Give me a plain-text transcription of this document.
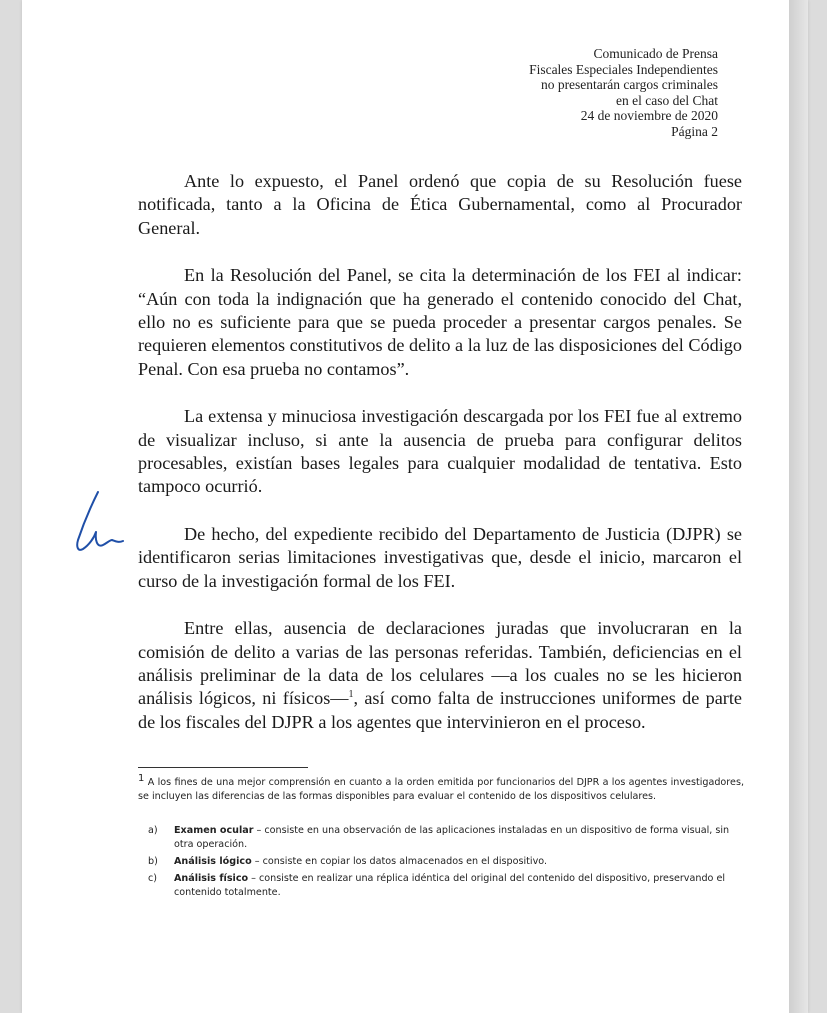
Comunicado de Prensa
Fiscales Especiales Independientes
no presentarán cargos criminales
en el caso del Chat
24 de noviembre de 2020
Página 2

Ante lo expuesto, el Panel ordenó que copia de su Resolución fuese notificada, tanto a la Oficina de Ética Gubernamental, como al Procurador General.

En la Resolución del Panel, se cita la determinación de los FEI al indicar: “Aún con toda la indignación que ha generado el contenido conocido del Chat, ello no es suficiente para que se pueda proceder a presentar cargos penales. Se requieren elementos constitutivos de delito a la luz de las disposiciones del Código Penal. Con esa prueba no contamos”.

La extensa y minuciosa investigación descargada por los FEI fue al extremo de visualizar incluso, si ante la ausencia de prueba para configurar delitos procesables, existían bases legales para cualquier modalidad de tentativa. Esto tampoco ocurrió.

De hecho, del expediente recibido del Departamento de Justicia (DJPR) se identificaron serias limitaciones investigativas que, desde el inicio, marcaron el curso de la investigación formal de los FEI.

Entre ellas, ausencia de declaraciones juradas que involucraran en la comisión de delito a varias de las personas referidas. También, deficiencias en el análisis preliminar de la data de los celulares —a los cuales no se les hicieron análisis lógicos, ni físicos—$^1$, así como falta de instrucciones uniformes de parte de los fiscales del DJPR a los agentes que intervinieron en el proceso.

$^1$ A los fines de una mejor comprensión en cuanto a la orden emitida por funcionarios del DJPR a los agentes investigadores, se incluyen las diferencias de las formas disponibles para evaluar el contenido de los dispositivos celulares.

a) Examen ocular – consiste en una observación de las aplicaciones instaladas en un dispositivo de forma visual, sin otra operación.
b) Análisis lógico – consiste en copiar los datos almacenados en el dispositivo.
c) Análisis físico – consiste en realizar una réplica idéntica del original del contenido del dispositivo, preservando el contenido totalmente.
